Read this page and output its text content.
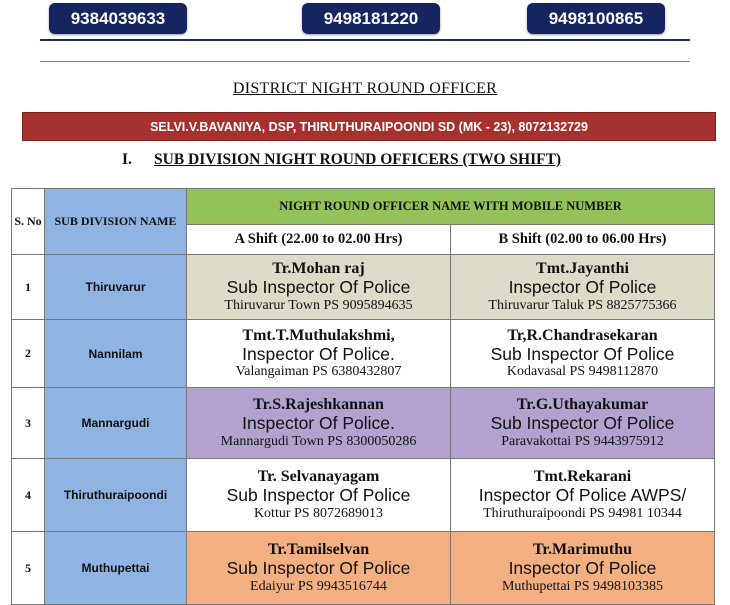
9384039633	9498181220	9498100865
DISTRICT NIGHT ROUND OFFICER
SELVI.V.BAVANIYA, DSP, THIRUTHURAIPOONDI SD (MK - 23), 8072132729
I. SUB DIVISION NIGHT ROUND OFFICERS (TWO SHIFT)
S. No	SUB DIVISION NAME	NIGHT ROUND OFFICER NAME WITH MOBILE NUMBER	
		A Shift (22.00 to 02.00 Hrs)	B Shift (02.00 to 06.00 Hrs)
1	Thiruvarur	Tr.Mohan raj
Sub Inspector Of Police
Thiruvarur Town PS 9095894635	Tmt.Jayanthi
Inspector Of Police
Thiruvarur Taluk PS 8825775366

2	Nannilam	Tmt.T.Muthulakshmi,
Inspector Of Police.
Valangaiman PS 6380432807	Tr,R.Chandrasekaran
Sub Inspector Of Police
Kodavasal PS 9498112870

3	Mannargudi	Tr.S.Rajeshkannan
Inspector Of Police.
Mannargudi Town PS 8300050286	Tr.G.Uthayakumar
Sub Inspector Of Police
Paravakottai PS 9443975912

4	Thiruthuraipoondi	Tr. Selvanayagam
Sub Inspector Of Police
Kottur PS 8072689013	Tmt.Rekarani
Inspector Of Police AWPS/
Thiruthuraipoondi PS 94981 10344

5	Muthupettai	Tr.Tamilselvan
Sub Inspector Of Police
Edaiyur PS 9943516744	Tr.Marimuthu
Inspector Of Police
Muthupettai PS 9498103385
